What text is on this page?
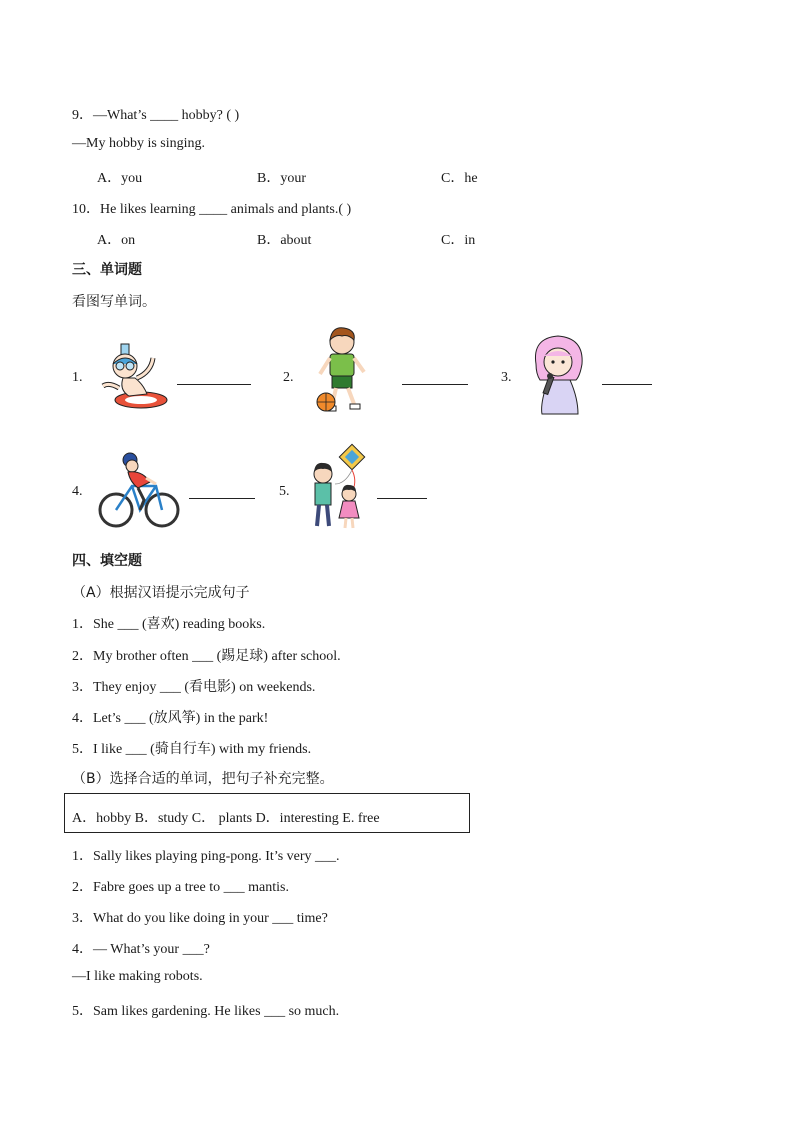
9．—What’s ____ hobby? ( )
—My hobby is singing.
A．you	B．your	C．he
10．He likes learning ____ animals and plants.( )
A．on	B．about	C．in
三、单词题
看图写单词。
1.	2.	3.
4.	5.
四、填空题
（A）根据汉语提示完成句子
1．She ___ (喜欢) reading books.
2．My brother often ___ (踢足球) after school.
3．They enjoy ___ (看电影) on weekends.
4．Let’s ___ (放风筝) in the park!
5．I like ___ (骑自行车) with my friends.
（B）选择合适的单词，把句子补充完整。
A．hobby B．study C． plants D．interesting E. free
1．Sally likes playing ping-pong. It’s very ___.
2．Fabre goes up a tree to ___ mantis.
3．What do you like doing in your ___ time?
4．— What’s your ___?
—I like making robots.
5．Sam likes gardening. He likes ___ so much.
